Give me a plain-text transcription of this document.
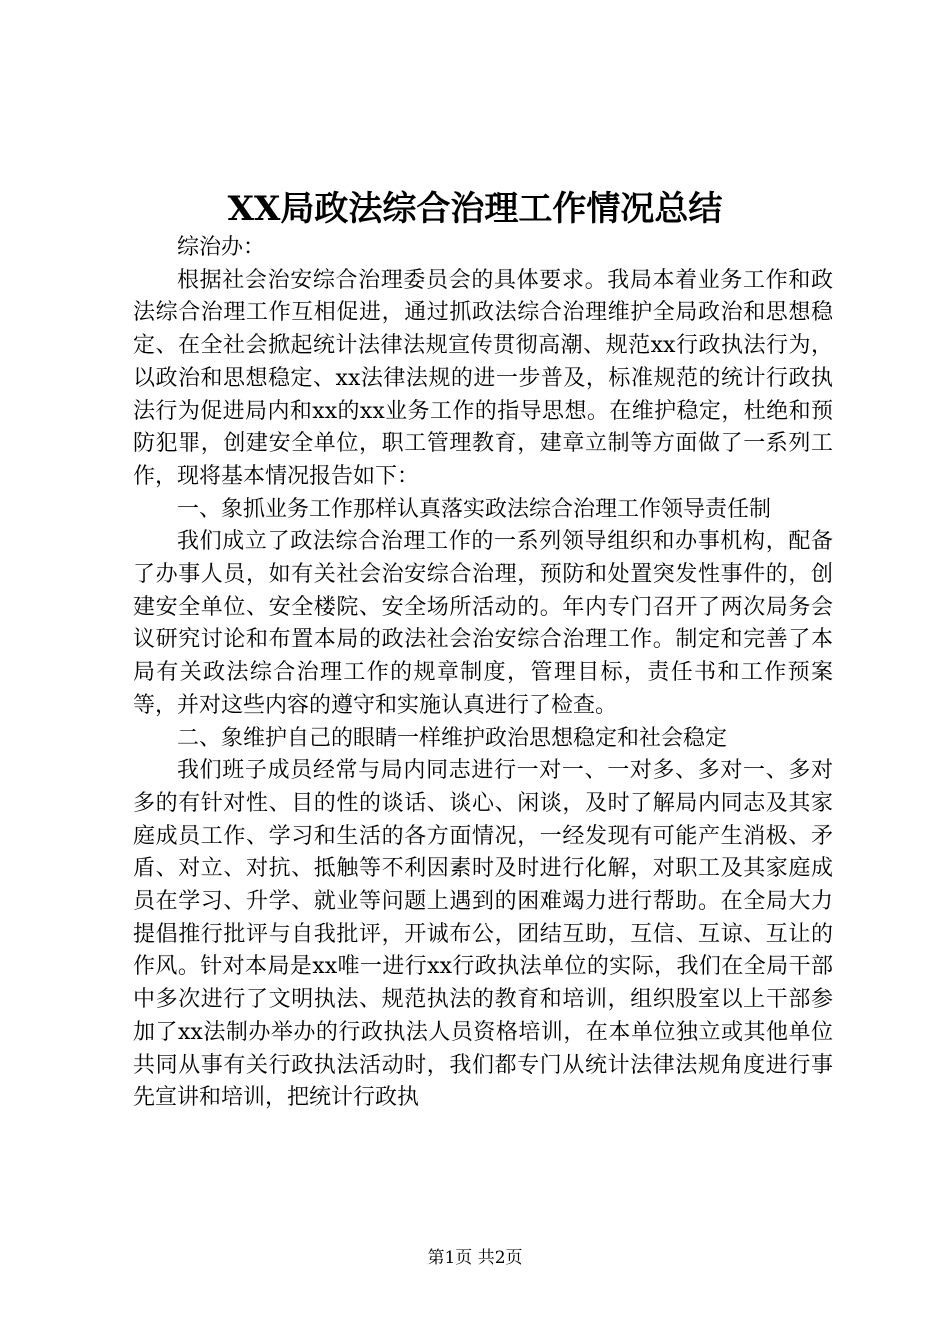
XX局政法综合治理工作情况总结

综治办：

根据社会治安综合治理委员会的具体要求。我局本着业务工作和政法综合治理工作互相促进，通过抓政法综合治理维护全局政治和思想稳定、在全社会掀起统计法律法规宣传贯彻高潮、规范xx行政执法行为，以政治和思想稳定、xx法律法规的进一步普及，标准规范的统计行政执法行为促进局内和xx的xx业务工作的指导思想。在维护稳定，杜绝和预防犯罪，创建安全单位，职工管理教育，建章立制等方面做了一系列工作，现将基本情况报告如下：

一、象抓业务工作那样认真落实政法综合治理工作领导责任制

我们成立了政法综合治理工作的一系列领导组织和办事机构，配备了办事人员，如有关社会治安综合治理，预防和处置突发性事件的，创建安全单位、安全楼院、安全场所活动的。年内专门召开了两次局务会议研究讨论和布置本局的政法社会治安综合治理工作。制定和完善了本局有关政法综合治理工作的规章制度，管理目标，责任书和工作预案等，并对这些内容的遵守和实施认真进行了检查。

二、象维护自己的眼睛一样维护政治思想稳定和社会稳定

我们班子成员经常与局内同志进行一对一、一对多、多对一、多对多的有针对性、目的性的谈话、谈心、闲谈，及时了解局内同志及其家庭成员工作、学习和生活的各方面情况，一经发现有可能产生消极、矛盾、对立、对抗、抵触等不利因素时及时进行化解，对职工及其家庭成员在学习、升学、就业等问题上遇到的困难竭力进行帮助。在全局大力提倡推行批评与自我批评，开诚布公，团结互助，互信、互谅、互让的作风。针对本局是xx唯一进行xx行政执法单位的实际，我们在全局干部中多次进行了文明执法、规范执法的教育和培训，组织股室以上干部参加了xx法制办举办的行政执法人员资格培训，在本单位独立或其他单位共同从事有关行政执法活动时，我们都专门从统计法律法规角度进行事先宣讲和培训，把统计行政执

第1页 共2页
